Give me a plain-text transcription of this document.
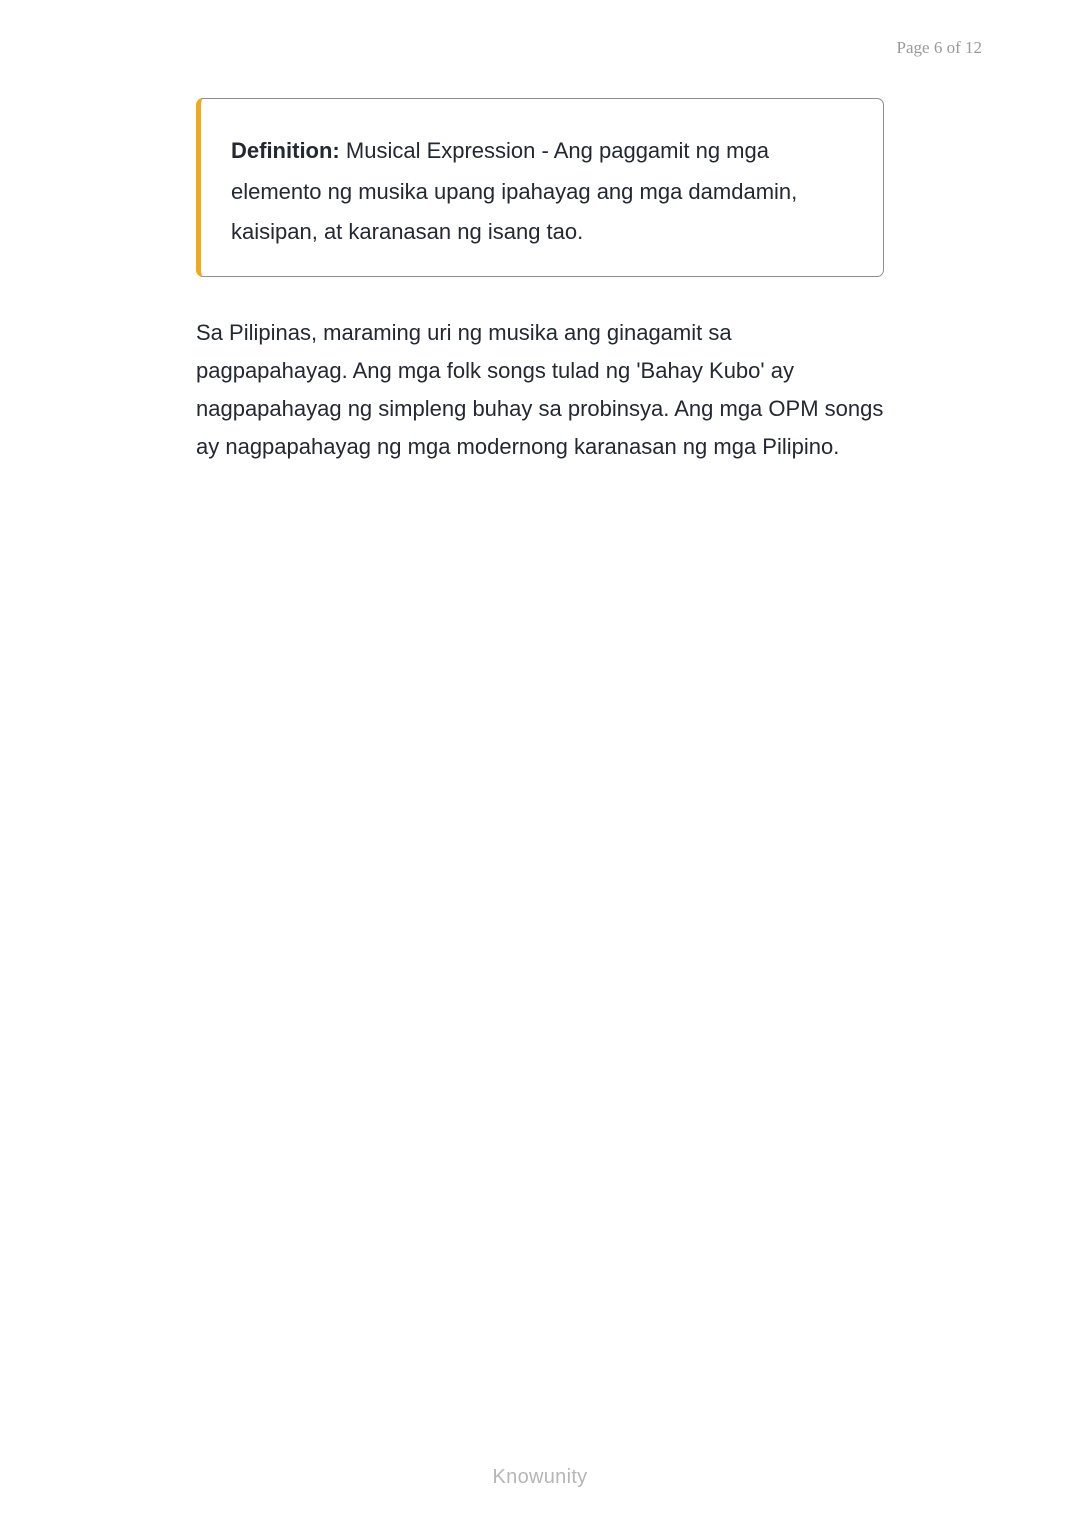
Page 6 of 12

Definition: Musical Expression - Ang paggamit ng mga elemento ng musika upang ipahayag ang mga damdamin, kaisipan, at karanasan ng isang tao.

Sa Pilipinas, maraming uri ng musika ang ginagamit sa pagpapahayag. Ang mga folk songs tulad ng 'Bahay Kubo' ay nagpapahayag ng simpleng buhay sa probinsya. Ang mga OPM songs ay nagpapahayag ng mga modernong karanasan ng mga Pilipino.

Knowunity
